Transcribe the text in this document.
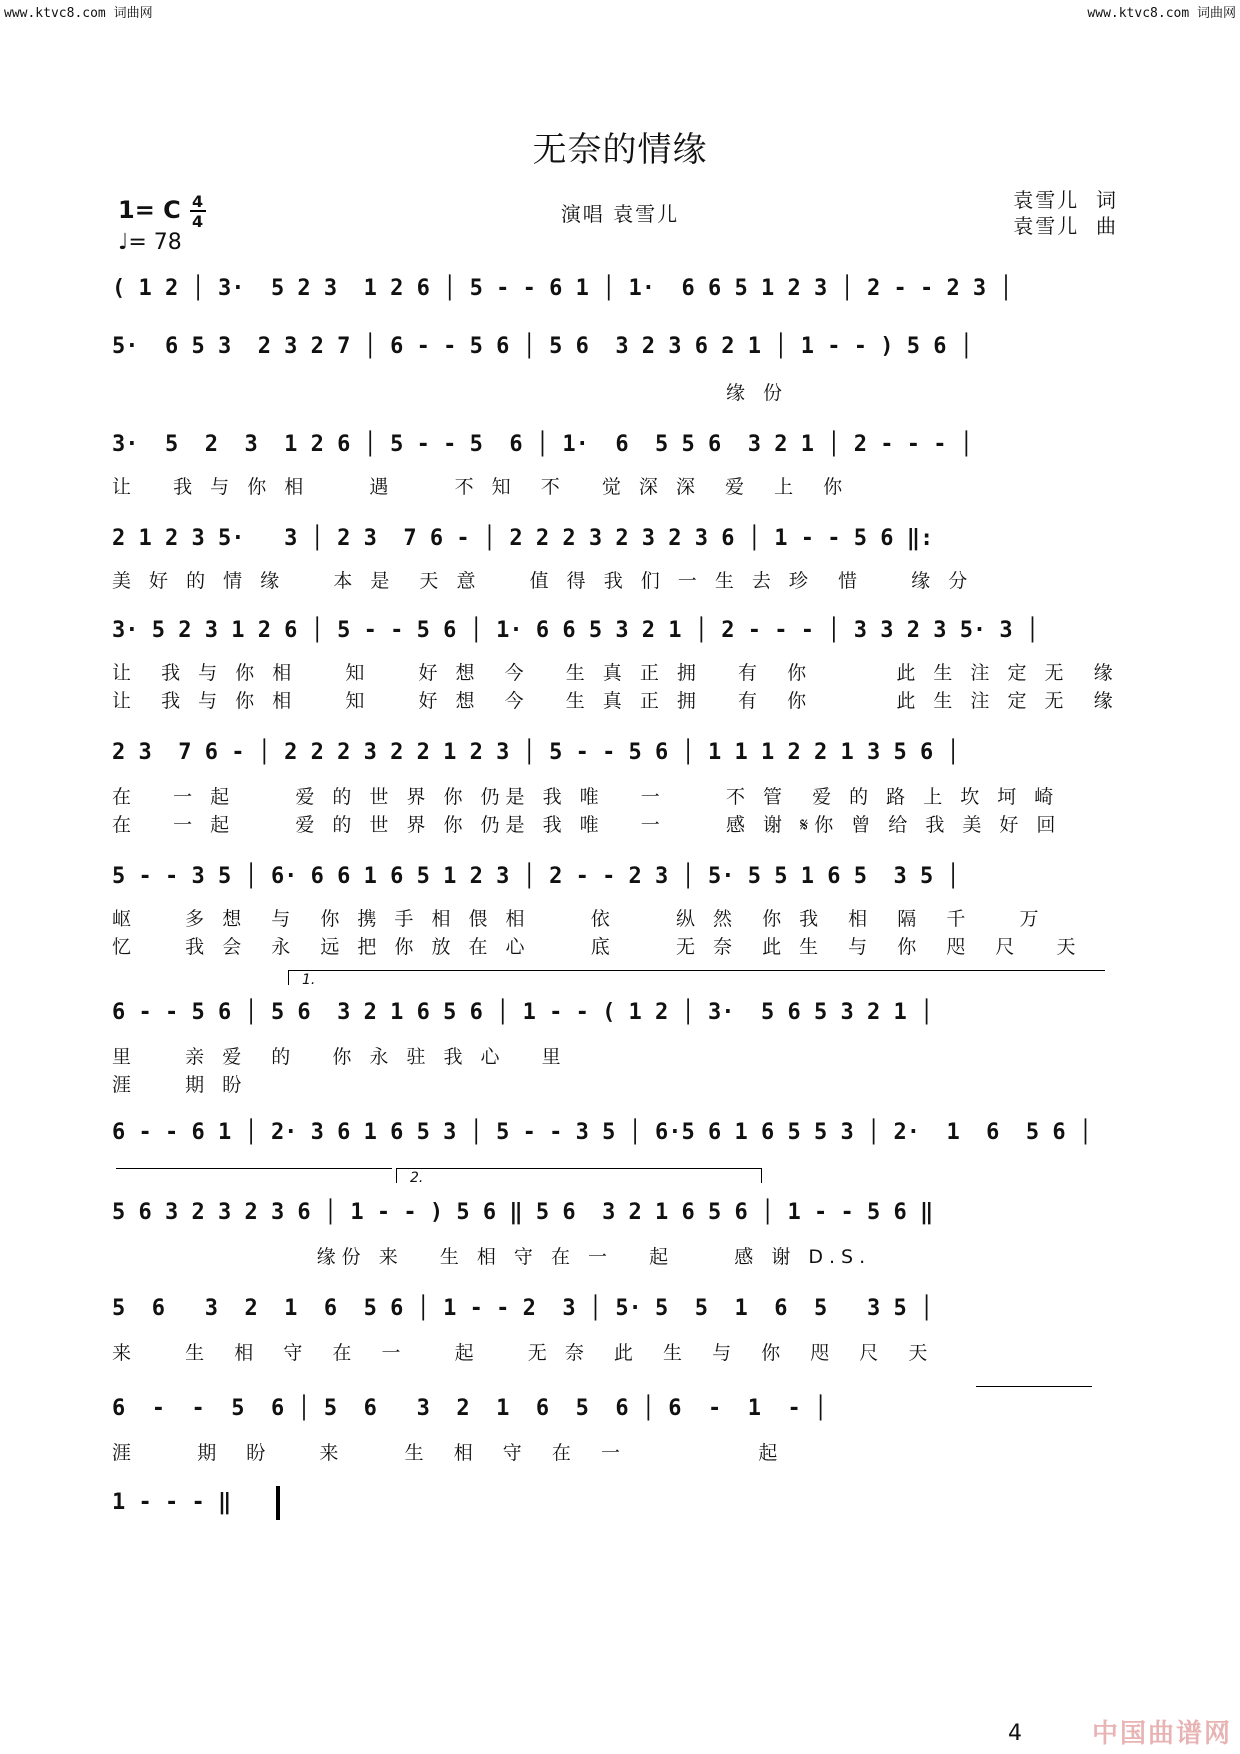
www.ktvc8.com 词曲网	www.ktvc8.com 词曲网
无奈的情缘
演唱 袁雪儿
1= C 4
4
♩= 78
袁雪儿  词
袁雪儿  曲
( 1 2 │ 3·  5 2 3  1 2 6 │ 5 - - 6 1 │ 1·  6 6 5 1 2 3 │ 2 - - 2 3 │
5·  6 5 3  2 3 2 7 │ 6 - - 5 6 │ 5 6  3 2 3 6 2 1 │ 1 - - ) 5 6 │
缘 份
3·  5  2  3  1 2 6 │ 5 - - 5  6 │ 1·  6  5 5 6  3 2 1 │ 2 - - - │
让   我 与 你 相     遇     不 知  不   觉 深 深  爱  上  你
2 1 2 3 5·   3 │ 2 3  7 6 - │ 2 2 2 3 2 3 2 3 6 │ 1 - - 5 6 ‖:
美 好 的 情 缘    本 是  天 意    值 得 我 们 一 生 去 珍  惜    缘 分
3· 5 2 3 1 2 6 │ 5 - - 5 6 │ 1· 6 6 5 3 2 1 │ 2 - - - │ 3 3 2 3 5· 3 │
让  我 与 你 相    知    好 想  今   生 真 正 拥   有  你       此 生 注 定 无  缘
让  我 与 你 相    知    好 想  今   生 真 正 拥   有  你       此 生 注 定 无  缘
2 3  7 6 - │ 2 2 2 3 2 2 1 2 3 │ 5 - - 5 6 │ 1 1 1 2 2 1 3 5 6 │
在   一 起     爱 的 世 界 你 仍是 我 唯   一     不 管  爱 的 路 上 坎 坷 崎
在   一 起     爱 的 世 界 你 仍是 我 唯   一     感 谢 𝄋你 曾 给 我 美 好 回
5 - - 3 5 │ 6· 6 6 1 6 5 1 2 3 │ 2 - - 2 3 │ 5· 5 5 1 6 5  3 5 │
岖    多 想  与  你 携 手 相 偎 相     依     纵 然  你 我  相  隔  千    万
忆    我 会  永  远 把 你 放 在 心     底     无 奈  此 生  与  你  咫  尺   天
1.
6 - - 5 6 │ 5 6  3 2 1 6 5 6 │ 1 - - ( 1 2 │ 3·  5 6 5 3 2 1 │
里    亲 爱  的   你 永 驻 我 心   里
涯    期 盼
6 - - 6 1 │ 2· 3 6 1 6 5 3 │ 5 - - 3 5 │ 6·5 6 1 6 5 5 3 │ 2·  1  6  5 6 │
2.
5 6 3 2 3 2 3 6 │ 1 - - ) 5 6 ‖ 5 6  3 2 1 6 5 6 │ 1 - - 5 6 ‖
缘份 来   生 相 守 在 一   起     感 谢 D.S.
5  6   3  2  1  6  5 6 │ 1 - - 2  3 │ 5· 5  5  1  6  5   3 5 │
来    生  相  守  在  一    起    无 奈  此  生  与  你  咫  尺  天
6  -  -  5  6 │ 5  6   3  2  1  6  5  6 │ 6  -  1  - │
涯     期  盼    来     生  相  守  在  一           起
1 - - - ‖
4	中国曲谱网
